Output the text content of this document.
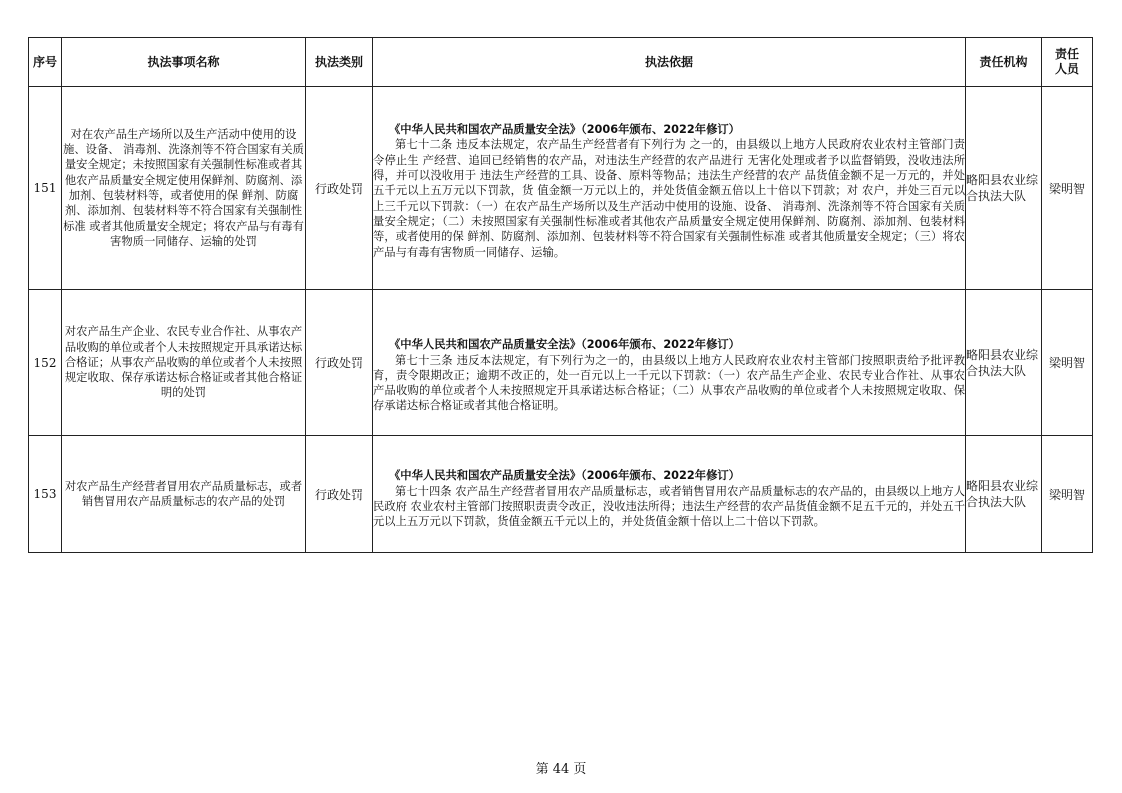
序号	执法事项名称	执法类别	执法依据	责任机构	责任人员

151	对在农产品生产场所以及生产活动中使用的设施、设备、 消毒剂、洗涤剂等不符合国家有关质量安全规定；未按照国家有关强制性标准或者其他农产品质量安全规定使用保鲜剂、防腐剂、添加剂、包装材料等，或者使用的保 鲜剂、防腐剂、添加剂、包装材料等不符合国家有关强制性标准 或者其他质量安全规定；将农产品与有毒有害物质一同储存、运输的处罚	行政处罚	《中华人民共和国农产品质量安全法》（2006年颁布、2022年修订）
第七十二条 违反本法规定，农产品生产经营者有下列行为 之一的，由县级以上地方人民政府农业农村主管部门责令停止生 产经营、追回已经销售的农产品，对违法生产经营的农产品进行 无害化处理或者予以监督销毁，没收违法所得，并可以没收用于 违法生产经营的工具、设备、原料等物品；违法生产经营的农产 品货值金额不足一万元的，并处五千元以上五万元以下罚款，货 值金额一万元以上的，并处货值金额五倍以上十倍以下罚款；对 农户，并处三百元以上三千元以下罚款：（一）在农产品生产场所以及生产活动中使用的设施、设备、 消毒剂、洗涤剂等不符合国家有关质量安全规定；（二）未按照国家有关强制性标准或者其他农产品质量安全规定使用保鲜剂、防腐剂、添加剂、包装材料等，或者使用的保 鲜剂、防腐剂、添加剂、包装材料等不符合国家有关强制性标准 或者其他质量安全规定；（三）将农产品与有毒有害物质一同储存、运输。	略阳县农业综合执法大队	梁明智
152	对农产品生产企业、农民专业合作社、从事农产品收购的单位或者个人未按照规定开具承诺达标合格证；从事农产品收购的单位或者个人未按照规定收取、保存承诺达标合格证或者其他合格证明的处罚	行政处罚	《中华人民共和国农产品质量安全法》（2006年颁布、2022年修订）
第七十三条 违反本法规定，有下列行为之一的，由县级以上地方人民政府农业农村主管部门按照职责给予批评教育，责令限期改正；逾期不改正的，处一百元以上一千元以下罚款：（一）农产品生产企业、农民专业合作社、从事农产品收购的单位或者个人未按照规定开具承诺达标合格证；（二）从事农产品收购的单位或者个人未按照规定收取、保存承诺达标合格证或者其他合格证明。	略阳县农业综合执法大队	梁明智
153	对农产品生产经营者冒用农产品质量标志，或者销售冒用农产品质量标志的农产品的处罚	行政处罚	《中华人民共和国农产品质量安全法》（2006年颁布、2022年修订）
第七十四条 农产品生产经营者冒用农产品质量标志，或者销售冒用农产品质量标志的农产品的，由县级以上地方人民政府 农业农村主管部门按照职责责令改正，没收违法所得；违法生产经营的农产品货值金额不足五千元的，并处五千元以上五万元以下罚款，货值金额五千元以上的，并处货值金额十倍以上二十倍以下罚款。	略阳县农业综合执法大队	梁明智
第 44 页
